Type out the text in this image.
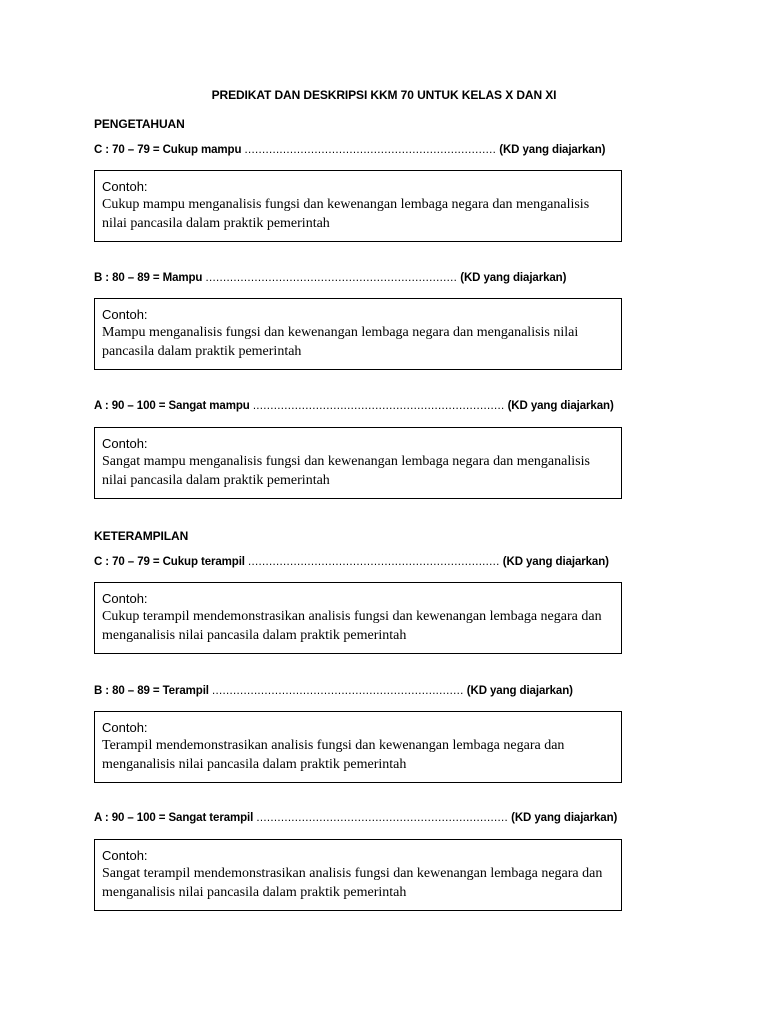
PREDIKAT DAN DESKRIPSI KKM 70 UNTUK KELAS X DAN XI
PENGETAHUAN
C : 70 – 79 = Cukup mampu ........................................................................ (KD yang diajarkan)
Contoh:
Cukup mampu menganalisis fungsi dan kewenangan lembaga negara dan menganalisis nilai pancasila dalam praktik pemerintah
B : 80 – 89 = Mampu ........................................................................ (KD yang diajarkan)
Contoh:
Mampu menganalisis fungsi dan kewenangan lembaga negara dan menganalisis nilai pancasila dalam praktik pemerintah
A : 90 – 100 = Sangat mampu ........................................................................ (KD yang diajarkan)
Contoh:
Sangat mampu menganalisis fungsi dan kewenangan lembaga negara dan menganalisis nilai pancasila dalam praktik pemerintah
KETERAMPILAN
C : 70 – 79 = Cukup terampil ........................................................................ (KD yang diajarkan)
Contoh:
Cukup terampil mendemonstrasikan analisis fungsi dan kewenangan lembaga negara dan menganalisis nilai pancasila dalam praktik pemerintah
B : 80 – 89 = Terampil ........................................................................ (KD yang diajarkan)
Contoh:
Terampil mendemonstrasikan analisis fungsi dan kewenangan lembaga negara dan menganalisis nilai pancasila dalam praktik pemerintah
A : 90 – 100 = Sangat terampil ........................................................................ (KD yang diajarkan)
Contoh:
Sangat terampil mendemonstrasikan analisis fungsi dan kewenangan lembaga negara dan menganalisis nilai pancasila dalam praktik pemerintah
